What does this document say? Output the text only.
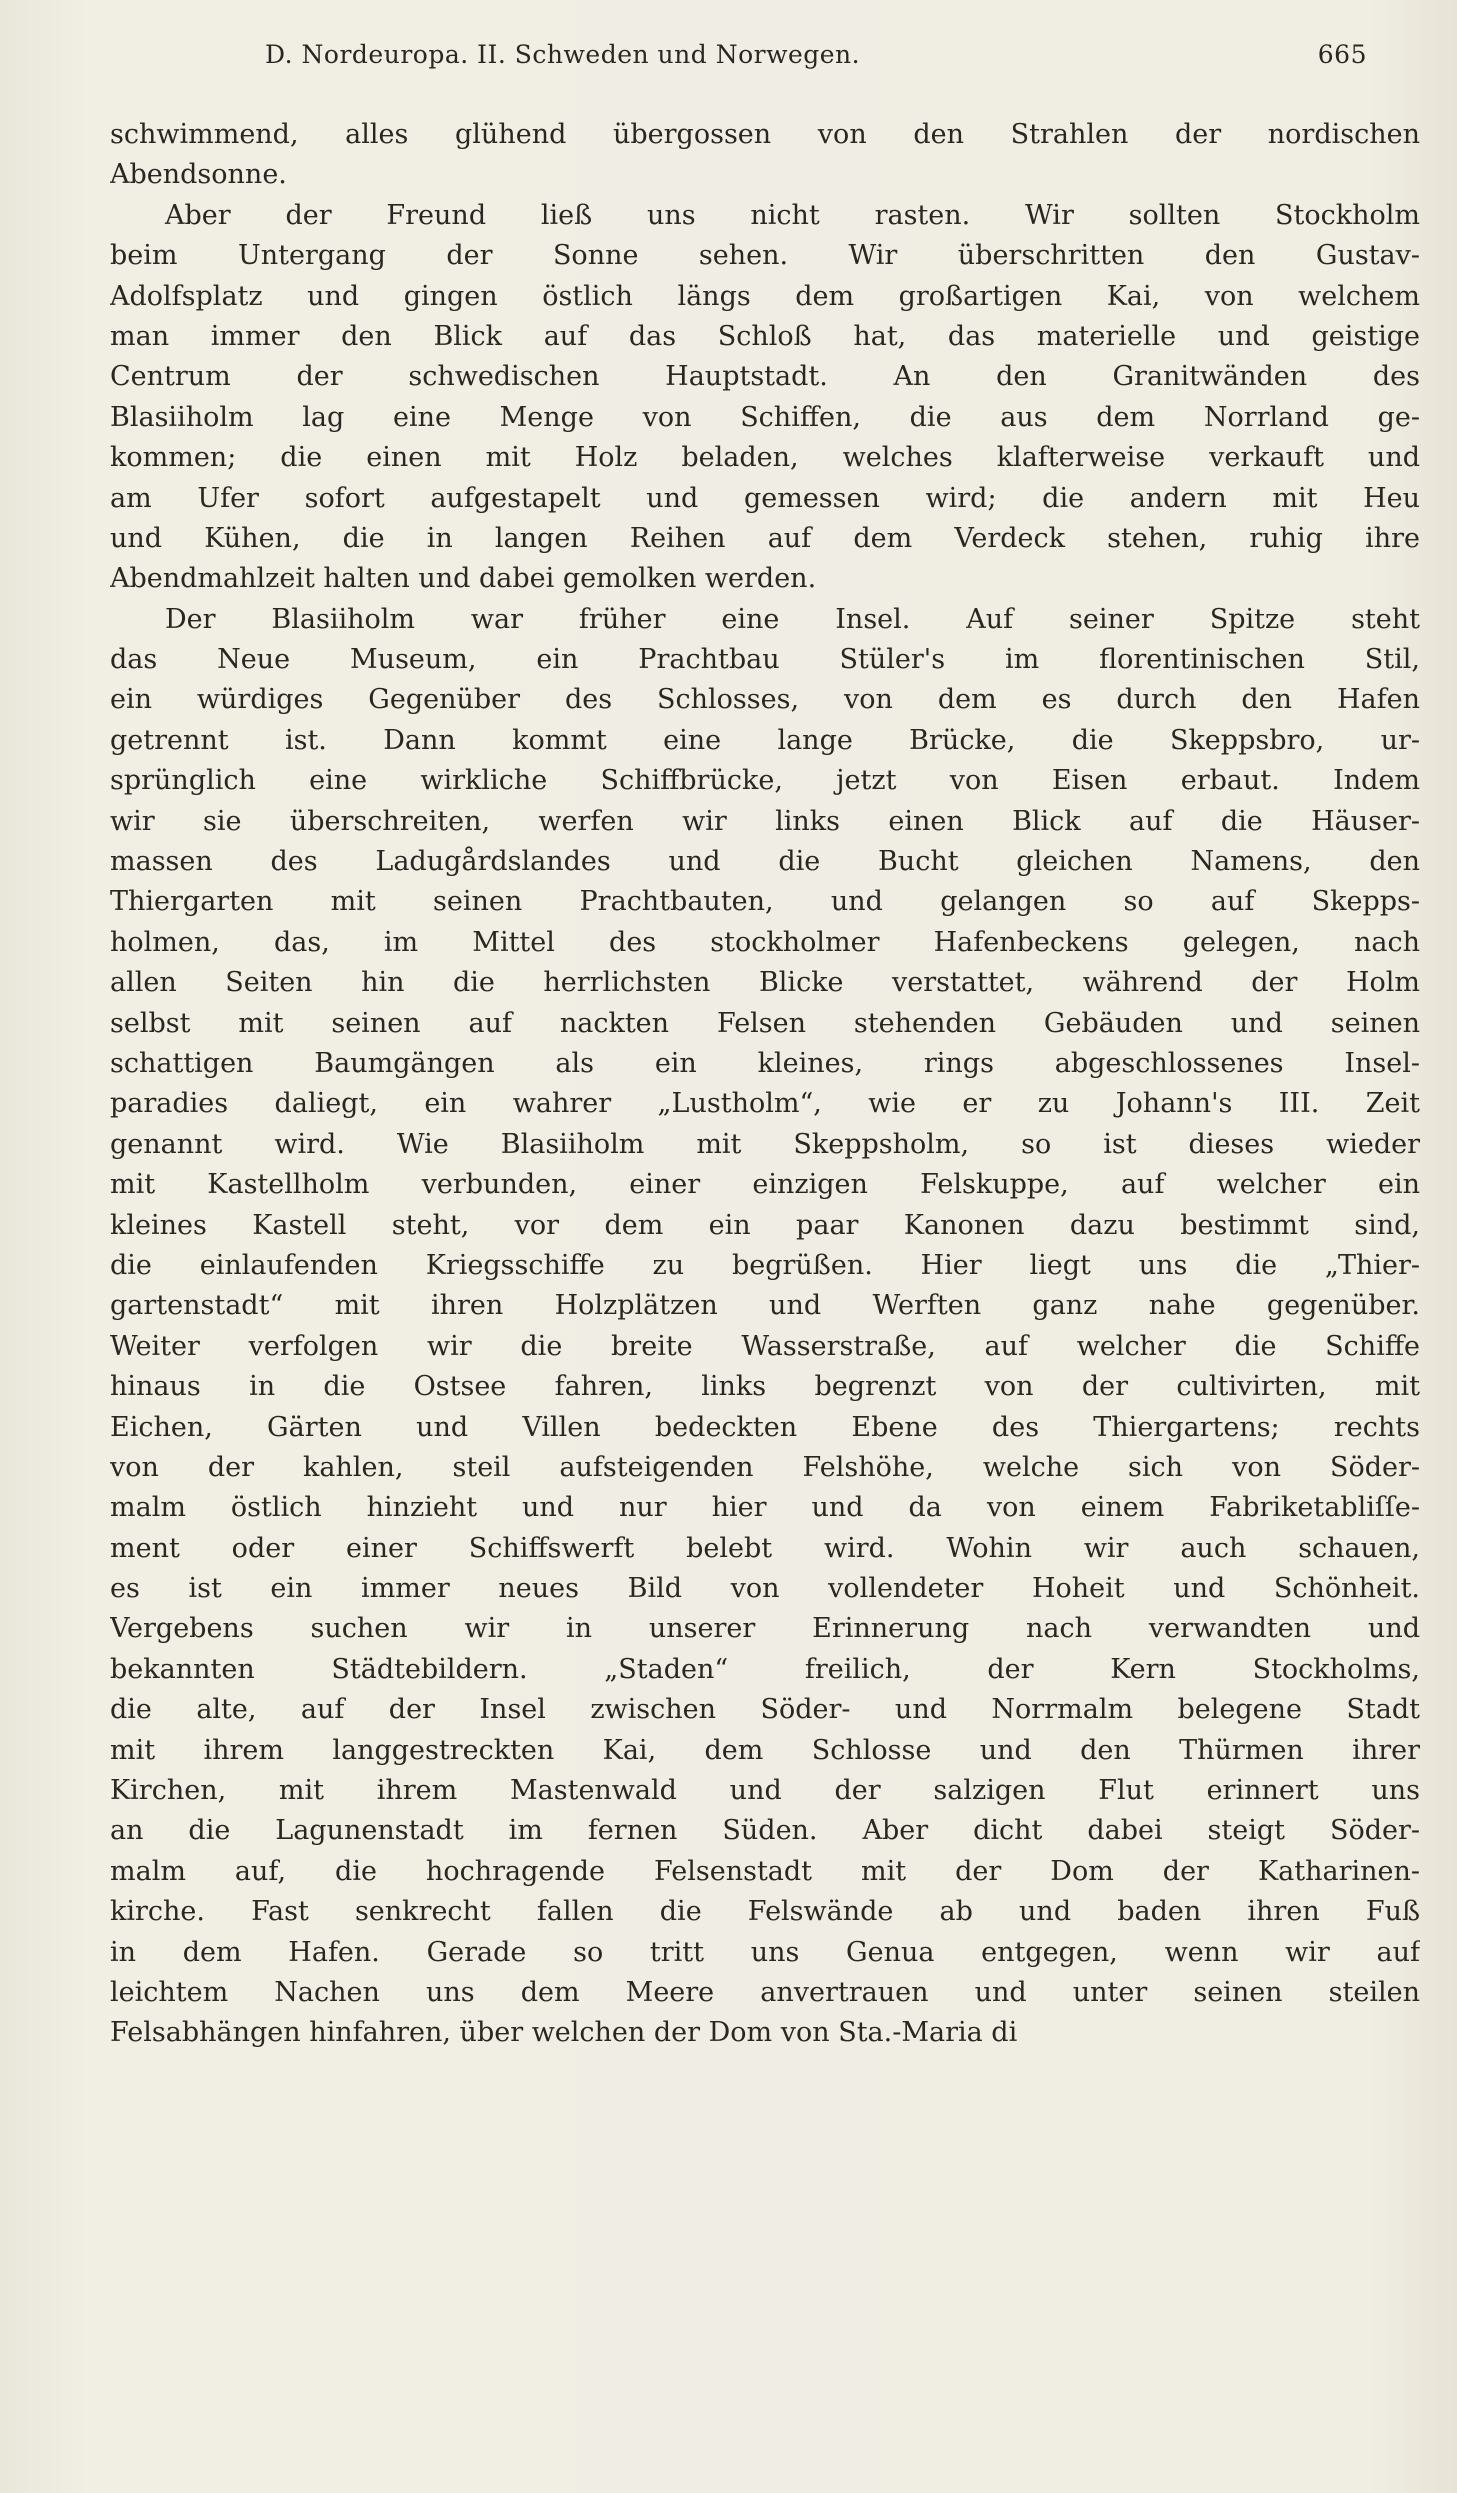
D. Nordeuropa. II. Schweden und Norwegen.	665
schwimmend, alles glühend übergossen von den Strahlen der nordischen
Abendsonne.
Aber der Freund ließ uns nicht rasten. Wir sollten Stockholm
beim Untergang der Sonne sehen. Wir überschritten den Gustav-
Adolfsplatz und gingen östlich längs dem großartigen Kai, von welchem
man immer den Blick auf das Schloß hat, das materielle und geistige
Centrum der schwedischen Hauptstadt. An den Granitwänden des
Blasiiholm lag eine Menge von Schiffen, die aus dem Norrland ge-
kommen; die einen mit Holz beladen, welches klafterweise verkauft und
am Ufer sofort aufgestapelt und gemessen wird; die andern mit Heu
und Kühen, die in langen Reihen auf dem Verdeck stehen, ruhig ihre
Abendmahlzeit halten und dabei gemolken werden.
Der Blasiiholm war früher eine Insel. Auf seiner Spitze steht
das Neue Museum, ein Prachtbau Stüler's im florentinischen Stil,
ein würdiges Gegenüber des Schlosses, von dem es durch den Hafen
getrennt ist. Dann kommt eine lange Brücke, die Skeppsbro, ur-
sprünglich eine wirkliche Schiffbrücke, jetzt von Eisen erbaut. Indem
wir sie überschreiten, werfen wir links einen Blick auf die Häuser-
massen des Ladugårdslandes und die Bucht gleichen Namens, den
Thiergarten mit seinen Prachtbauten, und gelangen so auf Skepps-
holmen, das, im Mittel des stockholmer Hafenbeckens gelegen, nach
allen Seiten hin die herrlichsten Blicke verstattet, während der Holm
selbst mit seinen auf nackten Felsen stehenden Gebäuden und seinen
schattigen Baumgängen als ein kleines, rings abgeschlossenes Insel-
paradies daliegt, ein wahrer „Lustholm“, wie er zu Johann's III. Zeit
genannt wird. Wie Blasiiholm mit Skeppsholm, so ist dieses wieder
mit Kastellholm verbunden, einer einzigen Felskuppe, auf welcher ein
kleines Kastell steht, vor dem ein paar Kanonen dazu bestimmt sind,
die einlaufenden Kriegsschiffe zu begrüßen. Hier liegt uns die „Thier-
gartenstadt“ mit ihren Holzplätzen und Werften ganz nahe gegenüber.
Weiter verfolgen wir die breite Wasserstraße, auf welcher die Schiffe
hinaus in die Ostsee fahren, links begrenzt von der cultivirten, mit
Eichen, Gärten und Villen bedeckten Ebene des Thiergartens; rechts
von der kahlen, steil aufsteigenden Felshöhe, welche sich von Söder-
malm östlich hinzieht und nur hier und da von einem Fabriketabliſſe-
ment oder einer Schiffswerft belebt wird. Wohin wir auch schauen,
es ist ein immer neues Bild von vollendeter Hoheit und Schönheit.
Vergebens suchen wir in unserer Erinnerung nach verwandten und
bekannten Städtebildern. „Staden“ freilich, der Kern Stockholms,
die alte, auf der Insel zwischen Söder- und Norrmalm belegene Stadt
mit ihrem langgestreckten Kai, dem Schlosse und den Thürmen ihrer
Kirchen, mit ihrem Mastenwald und der salzigen Flut erinnert uns
an die Lagunenstadt im fernen Süden. Aber dicht dabei steigt Söder-
malm auf, die hochragende Felsenstadt mit der Dom der Katharinen-
kirche. Fast senkrecht fallen die Felswände ab und baden ihren Fuß
in dem Hafen. Gerade so tritt uns Genua entgegen, wenn wir auf
leichtem Nachen uns dem Meere anvertrauen und unter seinen steilen
Felsabhängen hinfahren, über welchen der Dom von Sta.-Maria di
